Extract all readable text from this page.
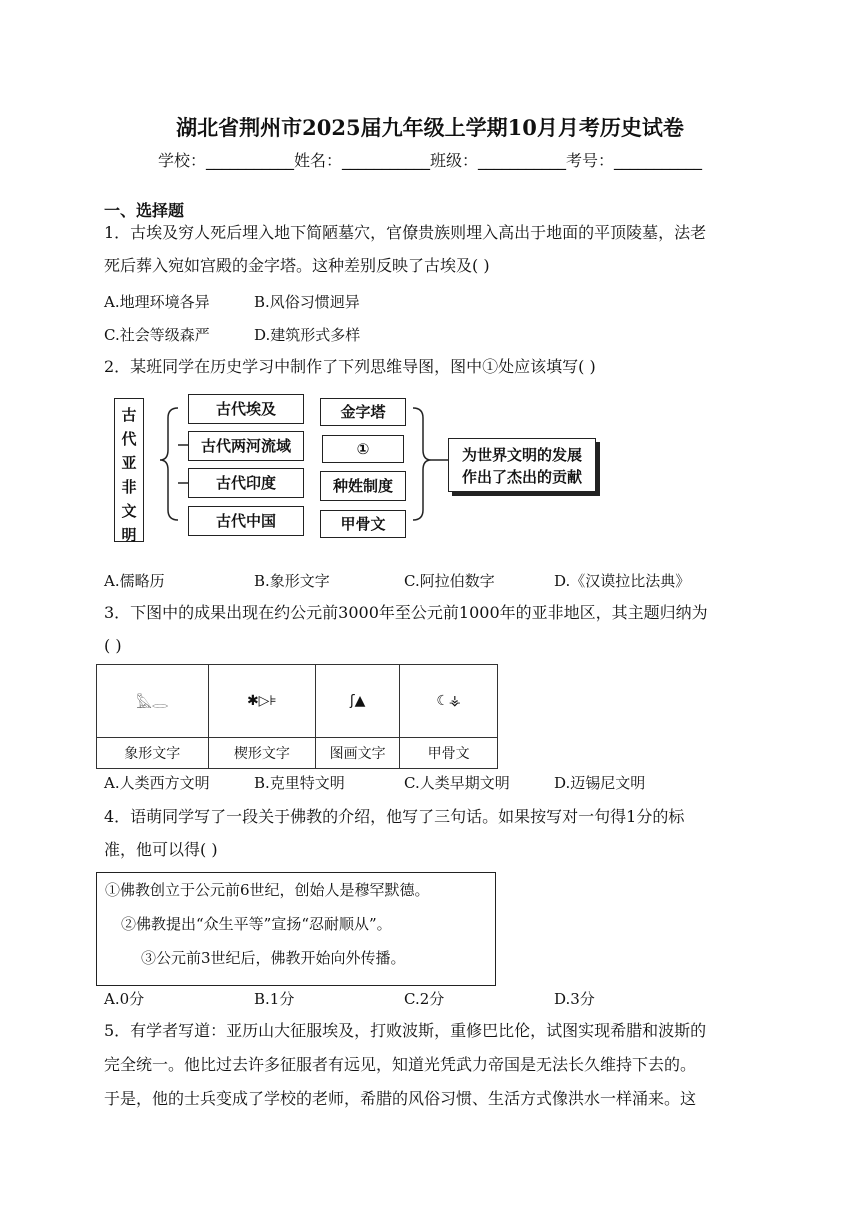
湖北省荆州市2025届九年级上学期10月月考历史试卷
学校：___________姓名：___________班级：___________考号：___________
一、选择题
1．古埃及穷人死后埋入地下简陋墓穴，官僚贵族则埋入高出于地面的平顶陵墓，法老
死后葬入宛如宫殿的金字塔。这种差别反映了古埃及( )
A.地理环境各异	B.风俗习惯迥异
C.社会等级森严	D.建筑形式多样
2．某班同学在历史学习中制作了下列思维导图，图中①处应该填写( )
古
代
亚
非
文
明
古代埃及
古代两河流域
古代印度
古代中国
金字塔
①
种姓制度
甲骨文
为世界文明的发展
作出了杰出的贡献
A.儒略历	B.象形文字	C.阿拉伯数字	D.《汉谟拉比法典》
3．下图中的成果出现在约公元前3000年至公元前1000年的亚非地区，其主题归纳为
( )
𓅓𓂋	✱▷⊧	ʃ▲	☾⚶
象形文字	楔形文字	图画文字	甲骨文
A.人类西方文明	B.克里特文明	C.人类早期文明	D.迈锡尼文明
4．语萌同学写了一段关于佛教的介绍，他写了三句话。如果按写对一句得1分的标
准，他可以得( )
①佛教创立于公元前6世纪，创始人是穆罕默德。
②佛教提出“众生平等”宣扬“忍耐顺从”。
③公元前3世纪后，佛教开始向外传播。
A.0分	B.1分	C.2分	D.3分
5．有学者写道：亚历山大征服埃及，打败波斯，重修巴比伦，试图实现希腊和波斯的
完全统一。他比过去许多征服者有远见，知道光凭武力帝国是无法长久维持下去的。
于是，他的士兵变成了学校的老师，希腊的风俗习惯、生活方式像洪水一样涌来。这
